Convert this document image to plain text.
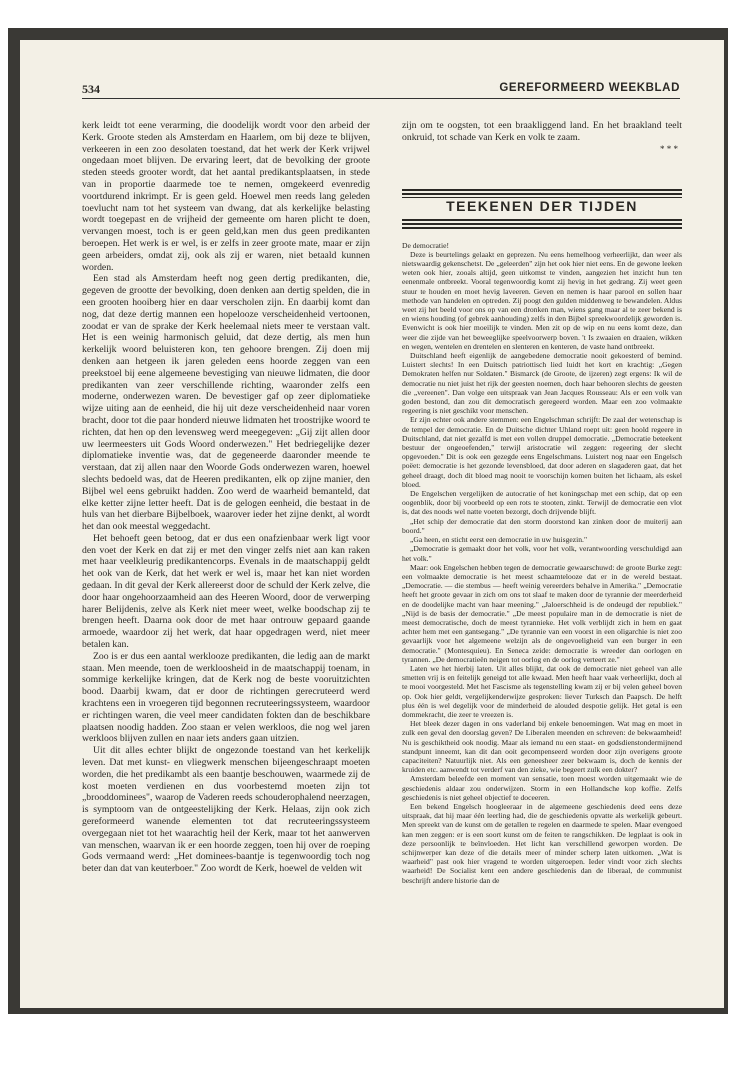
534	GEREFORMEERD WEEKBLAD

kerk leidt tot eene verarming, die doodelijk wordt voor den arbeid der Kerk. Groote steden als Amsterdam en Haarlem, om bij deze te blijven, verkeeren in een zoo desolaten toestand, dat het werk der Kerk vrijwel ongedaan moet blijven. De ervaring leert, dat de bevolking der groote steden steeds grooter wordt, dat het aantal predikantsplaatsen, in stede van in proportie daarmede toe te nemen, omgekeerd evenredig voortdurend inkrimpt. Er is geen geld. Hoewel men reeds lang geleden toevlucht nam tot het systeem van dwang, dat als kerkelijke belasting wordt toegepast en de vrijheid der gemeente om haren plicht te doen, vervangen moest, toch is er geen geld,kan men dus geen predikanten beroepen. Het werk is er wel, is er zelfs in zeer groote mate, maar er zijn geen arbeiders, omdat zij, ook als zij er waren, niet betaald kunnen worden.

Een stad als Amsterdam heeft nog geen dertig predikanten, die, gegeven de grootte der bevolking, doen denken aan dertig spelden, die in een grooten hooiberg hier en daar verscholen zijn. En daarbij komt dan nog, dat deze dertig mannen een hopelooze verscheidenheid vertoonen, zoodat er van de sprake der Kerk heelemaal niets meer te verstaan valt. Het is een weinig harmonisch geluid, dat deze dertig, als men hun kerkelijk woord beluisteren kon, ten gehoore brengen. Zij doen mij denken aan hetgeen ik jaren geleden eens hoorde zeggen van een preekstoel bij eene algemeene bevestiging van nieuwe lidmaten, die door predikanten van zeer verschillende richting, waaronder zelfs een moderne, onderwezen waren. De bevestiger gaf op zeer diplomatieke wijze uiting aan de eenheid, die hij uit deze verscheidenheid naar voren bracht, door tot die paar honderd nieuwe lidmaten het troostrijke woord te richten, dat hen op den levensweg werd meegegeven: „Gij zijt allen door uw leermeesters uit Gods Woord onderwezen." Het bedriegelijke dezer diplomatieke inventie was, dat de gegeneerde daaronder meende te verstaan, dat zij allen naar den Woorde Gods onderwezen waren, hoewel slechts bedoeld was, dat de Heeren predikanten, elk op zijne manier, den Bijbel wel eens gebruikt hadden. Zoo werd de waarheid bemanteld, dat elke ketter zijne letter heeft. Dat is de gelogen eenheid, die bestaat in de huls van het dierbare Bijbelboek, waarover ieder het zijne denkt, al wordt het dan ook meestal weggedacht.

Het behoeft geen betoog, dat er dus een onafzienbaar werk ligt voor den voet der Kerk en dat zij er met den vinger zelfs niet aan kan raken met haar veelkleurig predikantencorps. Evenals in de maatschappij geldt het ook van de Kerk, dat het werk er wel is, maar het kan niet worden gedaan. In dit geval der Kerk allereerst door de schuld der Kerk zelve, die door haar ongehoorzaamheid aan des Heeren Woord, door de verwerping harer Belijdenis, zelve als Kerk niet meer weet, welke boodschap zij te brengen heeft. Daarna ook door de met haar ontrouw gepaard gaande armoede, waardoor zij het werk, dat haar opgedragen werd, niet meer betalen kan.

Zoo is er dus een aantal werklooze predikanten, die ledig aan de markt staan. Men meende, toen de werkloosheid in de maatschappij toenam, in sommige kerkelijke kringen, dat de Kerk nog de beste vooruitzichten bood. Daarbij kwam, dat er door de richtingen gerecruteerd werd krachtens een in vroegeren tijd begonnen recruteeringssysteem, waardoor er richtingen waren, die veel meer candidaten fokten dan de beschikbare plaatsen noodig hadden. Zoo staan er velen werkloos, die nog wel jaren werkloos blijven zullen en naar iets anders gaan uitzien.

Uit dit alles echter blijkt de ongezonde toestand van het kerkelijk leven. Dat met kunst- en vliegwerk menschen bijeengeschraapt moeten worden, die het predikambt als een baantje beschouwen, waarmede zij de kost moeten verdienen en dus voorbestemd moeten zijn tot „brooddominees", waarop de Vaderen reeds schouderophalend neerzagen, is symptoom van de ontgeestelijking der Kerk. Helaas, zijn ook zich gereformeerd wanende elementen tot dat recruteeringssysteem overgegaan niet tot het waarachtig heil der Kerk, maar tot het aanwerven van menschen, waarvan ik er een hoorde zeggen, toen hij over de roeping Gods vermaand werd: „Het dominees-baantje is tegenwoordig toch nog beter dan dat van keuterboer." Zoo wordt de Kerk, hoewel de velden wit

zijn om te oogsten, tot een braakliggend land. En het braakland teelt onkruid, tot schade van Kerk en volk te zaam.

* * *
TEEKENEN DER TIJDEN

De democratie!

Deze is beurtelings gelaakt en geprezen. Nu eens hemelhoog verheerlijkt, dan weer als nietswaardig gekenschetst. De „geleerden" zijn het ook hier niet eens. En de gewone leeken weten ook hier, zooals altijd, geen uitkomst te vinden, aangezien het inzicht hun ten eenenmale ontbreekt. Vooral tegenwoordig komt zij hevig in het gedrang. Zij weet geen stuur te houden en moet hevig laveeren. Geven en nemen is haar parool en sollen haar methode van handelen en optreden. Zij poogt den gulden middenweg te bewandelen. Aldus weet zij het beeld voor ons op van een dronken man, wiens gang maar al te zeer bekend is en wiens houding (of gebrek aanhouding) zelfs in den Bijbel spreekwoordelijk geworden is. Evenwicht is ook hier moeilijk te vinden. Men zit op de wip en nu eens komt deze, dan weer die zijde van het beweeglijke speelvoorwerp boven. 't Is zwaaien en draaien, wikken en wegen, wentelen en drentelen en slenteren en kenteren, de vaste hand ontbreekt.

Duitschland heeft eigenlijk de aangebedene democratie nooit gekoesterd of bemind. Luistert slechts! In een Duitsch patriottisch lied luidt het kort en krachtig: „Gegen Demokraten helfen nur Soldaten." Bismarck (de Groote, de ijzeren) zegt ergens: Ik wil de democratie nu niet juist het rijk der geesten noemen, doch haar behooren slechts de geesten die „vereenen". Dan volge een uitspraak van Jean Jacques Rousseau: Als er een volk van goden bestond, dan zou dit democratisch geregeerd worden. Maar een zoo volmaakte regeering is niet geschikt voor menschen.

Er zijn echter ook andere stemmen: een Engelschman schrijft: De zaal der wetenschap is de tempel der democratie. En de Duitsche dichter Uhland roept uit: geen hoold regeere in Duitschland, dat niet gezalfd is met een vollen druppel democratie. „Democratie beteekent bestuur der ongeoefenden," terwijl aristocratie wil zeggen: regeering der slecht opgevoeden." Dit is ook een gezegde eens Engelschmans. Luistert nog naar een Engelsch poëet: democratie is het gezonde levensbloed, dat door aderen en slagaderen gaat, dat het geheel draagt, doch dit bloed mag nooit te voorschijn komen buiten het lichaam, als eskel bloed.

De Engelschen vergelijken de autocratie of het koningschap met een schip, dat op een oogenblik, door bij voorbeeld op een rots te stooten, zinkt. Terwijl de democratie een vlot is, dat des noods wel natte voeten bezorgt, doch drijvende blijft.

„Het schip der democratie dat den storm doorstond kan zinken door de muiterij aan boord."

„Ga heen, en sticht eerst een democratie in uw huisgezin."

„Democratie is gemaakt door het volk, voor het volk, verantwoording verschuldigd aan het volk."

Maar: ook Engelschen hebben tegen de democratie gewaarschuwd: de groote Burke zegt: een volmaakte democratie is het meest schaamtelooze dat er in de wereld bestaat. „Democratie. — die stembus — heeft weinig vereerders behalve in Amerika." „Democratie heeft het groote gevaar in zich om ons tot slaaf te maken door de tyrannie der meerderheid en de doodelijke macht van haar meening." „Jaloerschheid is de ondeugd der republiek." „Nijd is de basis der democratie." „De meest populaire man in de democratie is niet de meest democratische, doch de meest tyrannieke. Het volk verblijdt zich in hem en gaat achter hem met een gantsegang." „De tyrannie van een voorst in een oligarchie is niet zoo gevaarlijk voor het algemeene welzijn als de ongevoeligheid van een burger in een democratie." (Montesquieu). En Seneca zeide: democratie is wreeder dan oorlogen en tyrannen. „De democratieën neigen tot oorlog en de oorlog verteert ze."

Laten we het hierbij laten. Uit alles blijkt, dat ook de democratie niet geheel van alle smetten vrij is en feitelijk geneigd tot alle kwaad. Men heeft haar vaak verheerlijkt, doch al te mooi voorgesteld. Met het Fascisme als tegenstelling kwam zij er bij velen geheel boven op. Ook hier geldt, vergelijkenderwijze gesproken: liever Turksch dan Paapsch. De helft plus één is wel degelijk voor de minderheid de alouded despotie gelijk. Het getal is een dommekracht, die zeer te vreezen is.

Het bleek dezer dagen in ons vaderland bij enkele benoemingen. Wat mag en moet in zulk een geval den doorslag geven? De Liberalen meenden en schreven: de bekwaamheid! Nu is geschiktheid ook noodig. Maar als iemand nu een staat- en godsdienstondermijnend standpunt inneemt, kan dit dan ooit gecompenseerd worden door zijn overigens groote capaciteiten? Natuurlijk niet. Als een geneesheer zeer bekwaam is, doch de kennis der kruiden etc. aanwendt tot verderf van den zieke, wie begeert zulk een dokter?

Amsterdam beleefde een moment van sensatie, toen moest worden uitgemaakt wie de geschiedenis aldaar zou onderwijzen. Storm in een Hollandsche kop koffie. Zelfs geschiedenis is niet geheel objectief te doceeren.

Een bekend Engelsch hoogleeraar in de algemeene geschiedenis deed eens deze uitspraak, dat hij maar één leerling had, die de geschiedenis opvatte als werkelijk gebeurt. Men spreekt van de kunst om de getallen te regelen en daarmede te spelen. Maar evengoed kan men zeggen: er is een soort kunst om de feiten te rangschikken. De legplaat is ook in deze persoonlijk te beïnvloeden. Het licht kan verschillend geworpen worden. De schijnwerper kan deze of die details meer of minder scherp laten uitkomen. „Wat is waarheid" past ook hier vragend te worden uitgeroepen. Ieder vindt voor zich slechts waarheid! De Socialist kent een andere geschiedenis dan de liberaal, de communist beschrijft andere historie dan de
